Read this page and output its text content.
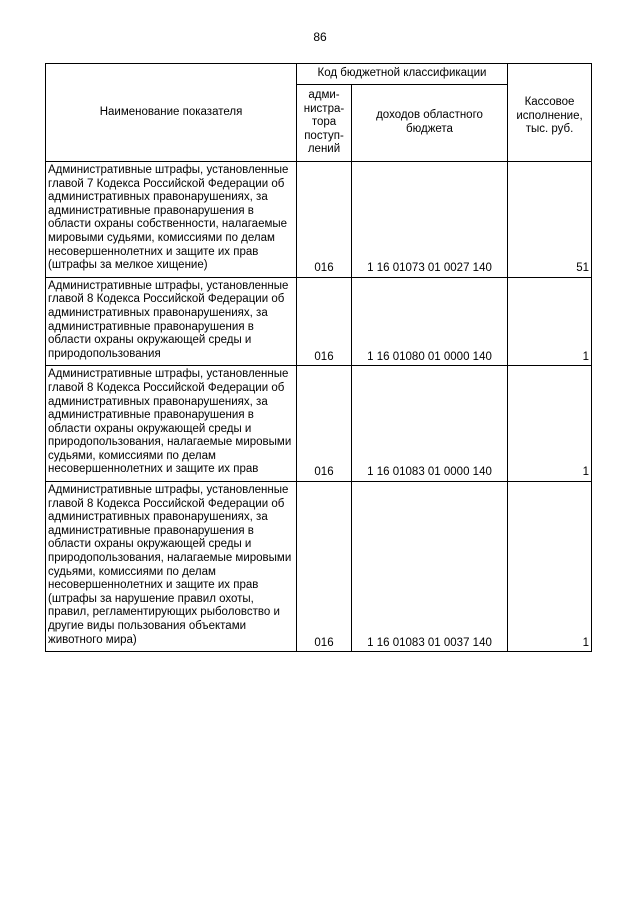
86
Наименование показателя	Код бюджетной классификации		Кассовое исполнение, тыс. руб.
	адми-ниcтра-тора поступ-лений	доходов областного бюджета	
Административные штрафы, установленные главой 7 Кодекса Российской Федерации об административных правонарушениях, за административные правонарушения в области охраны собственности, налагаемые мировыми судьями, комиссиями по делам несовершеннолетних и защите их прав (штрафы за мелкое хищение)	016	1 16 01073 01 0027 140	51
Административные штрафы, установленные главой 8 Кодекса Российской Федерации об административных правонарушениях, за административные правонарушения в области охраны окружающей среды и природопользования	016	1 16 01080 01 0000 140	1
Административные штрафы, установленные главой 8 Кодекса Российской Федерации об административных правонарушениях, за административные правонарушения в области охраны окружающей среды и природопользования, налагаемые мировыми судьями, комиссиями по делам несовершеннолетних и защите их прав	016	1 16 01083 01 0000 140	1
Административные штрафы, установленные главой 8 Кодекса Российской Федерации об административных правонарушениях, за административные правонарушения в области охраны окружающей среды и природопользования, налагаемые мировыми судьями, комиссиями по делам несовершеннолетних и защите их прав (штрафы за нарушение правил охоты, правил, регламентирующих рыболовство и другие виды пользования объектами животного мира)	016	1 16 01083 01 0037 140	1
